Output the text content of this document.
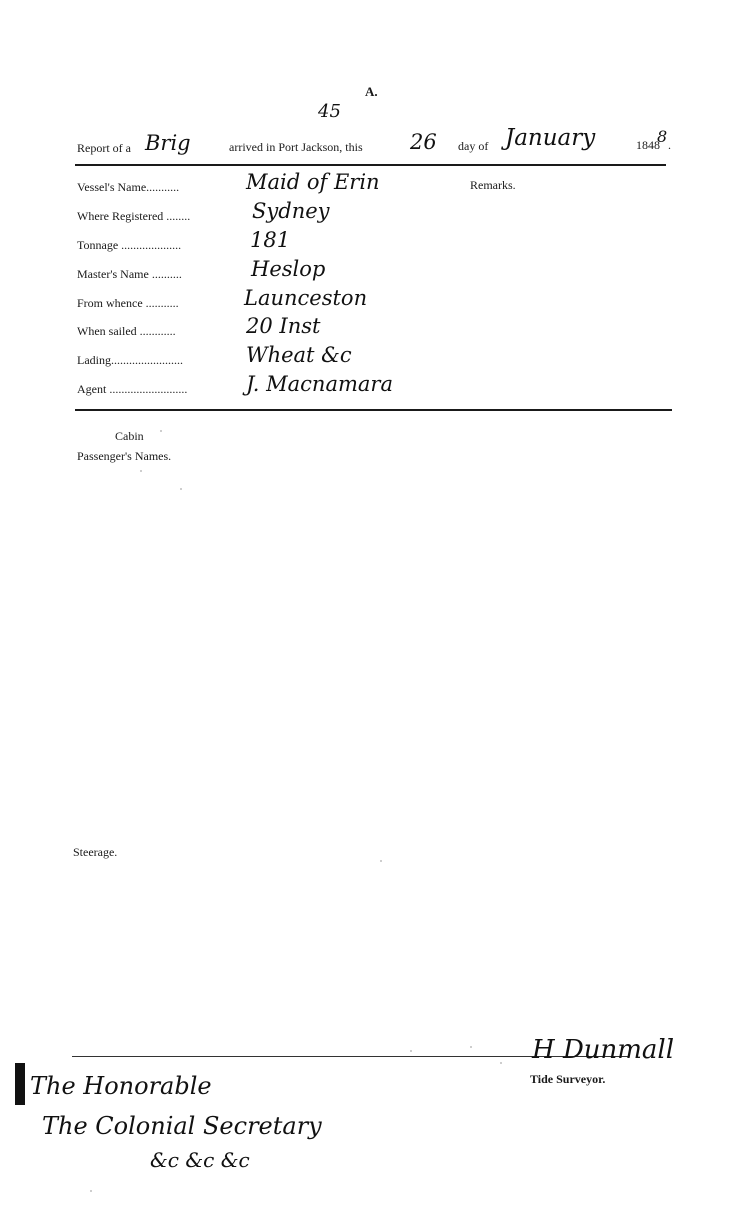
A.
45
Report of a Brig	arrived in Port Jackson, this 26 day of January	1848
8 .
Remarks.
Vessel's Name...........	Maid of Erin
Where Registered ........	Sydney
Tonnage ....................	181
Master's Name ..........	Heslop
From whence ...........	Launceston
When sailed ............	20 Inst
Lading........................	Wheat &c
Agent ..........................	J. Macnamara
Cabin
Passenger's Names.
Steerage.
H Dunmall
Tide Surveyor.
The Honorable
The Colonial Secretary
&c &c &c
